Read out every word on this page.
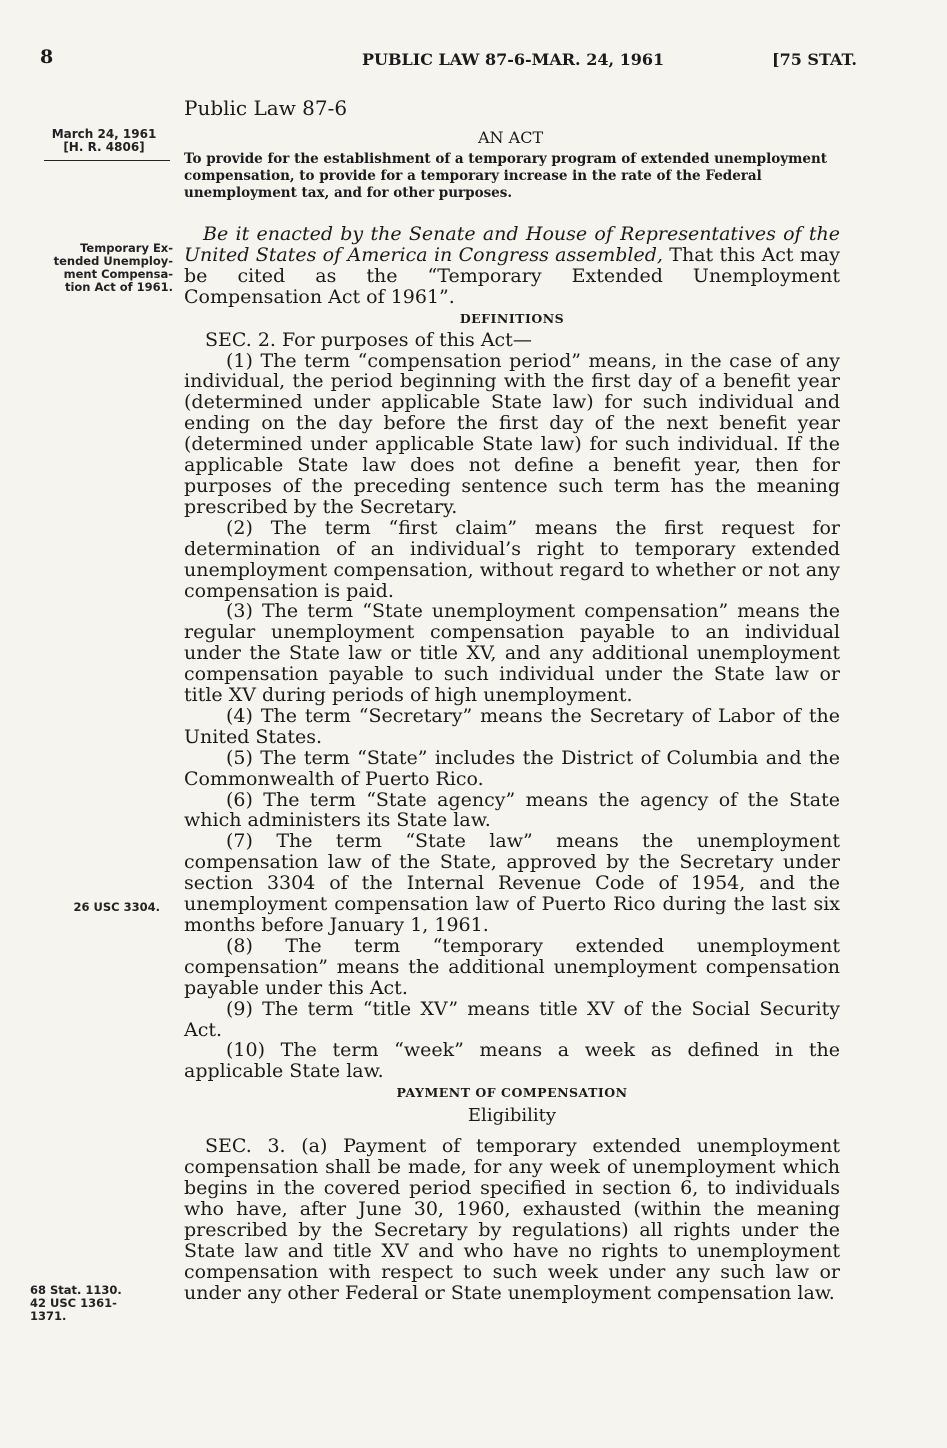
8	PUBLIC LAW 87-6-MAR. 24, 1961	[75 STAT.
March 24, 1961
[H. R. 4806]
Temporary Ex-
tended Unemploy-
ment Compensa-
tion Act of 1961.
26 USC 3304.
68 Stat. 1130.
42 USC 1361-
1371.
Public Law 87-6
AN ACT
To provide for the establishment of a temporary program of extended unemployment compensation, to provide for a temporary increase in the rate of the Federal unemployment tax, and for other purposes.

Be it enacted by the Senate and House of Representatives of the United States of America in Congress assembled, That this Act may be cited as the “Temporary Extended Unemployment Compensation Act of 1961”.

DEFINITIONS

SEC. 2. For purposes of this Act—

(1) The term “compensation period” means, in the case of any individual, the period beginning with the first day of a benefit year (determined under applicable State law) for such individual and ending on the day before the first day of the next benefit year (determined under applicable State law) for such individual. If the applicable State law does not define a benefit year, then for purposes of the preceding sentence such term has the meaning prescribed by the Secretary.

(2) The term “first claim” means the first request for determination of an individual’s right to temporary extended unemployment compensation, without regard to whether or not any compensation is paid.

(3) The term “State unemployment compensation” means the regular unemployment compensation payable to an individual under the State law or title XV, and any additional unemployment compensation payable to such individual under the State law or title XV during periods of high unemployment.

(4) The term “Secretary” means the Secretary of Labor of the United States.

(5) The term “State” includes the District of Columbia and the Commonwealth of Puerto Rico.

(6) The term “State agency” means the agency of the State which administers its State law.

(7) The term “State law” means the unemployment compensation law of the State, approved by the Secretary under section 3304 of the Internal Revenue Code of 1954, and the unemployment compensation law of Puerto Rico during the last six months before January 1, 1961.

(8) The term “temporary extended unemployment compensation” means the additional unemployment compensation payable under this Act.

(9) The term “title XV” means title XV of the Social Security Act.

(10) The term “week” means a week as defined in the applicable State law.

PAYMENT OF COMPENSATION
Eligibility

SEC. 3. (a) Payment of temporary extended unemployment compensation shall be made, for any week of unemployment which begins in the covered period specified in section 6, to individuals who have, after June 30, 1960, exhausted (within the meaning prescribed by the Secretary by regulations) all rights under the State law and title XV and who have no rights to unemployment compensation with respect to such week under any such law or under any other Federal or State unemployment compensation law.
